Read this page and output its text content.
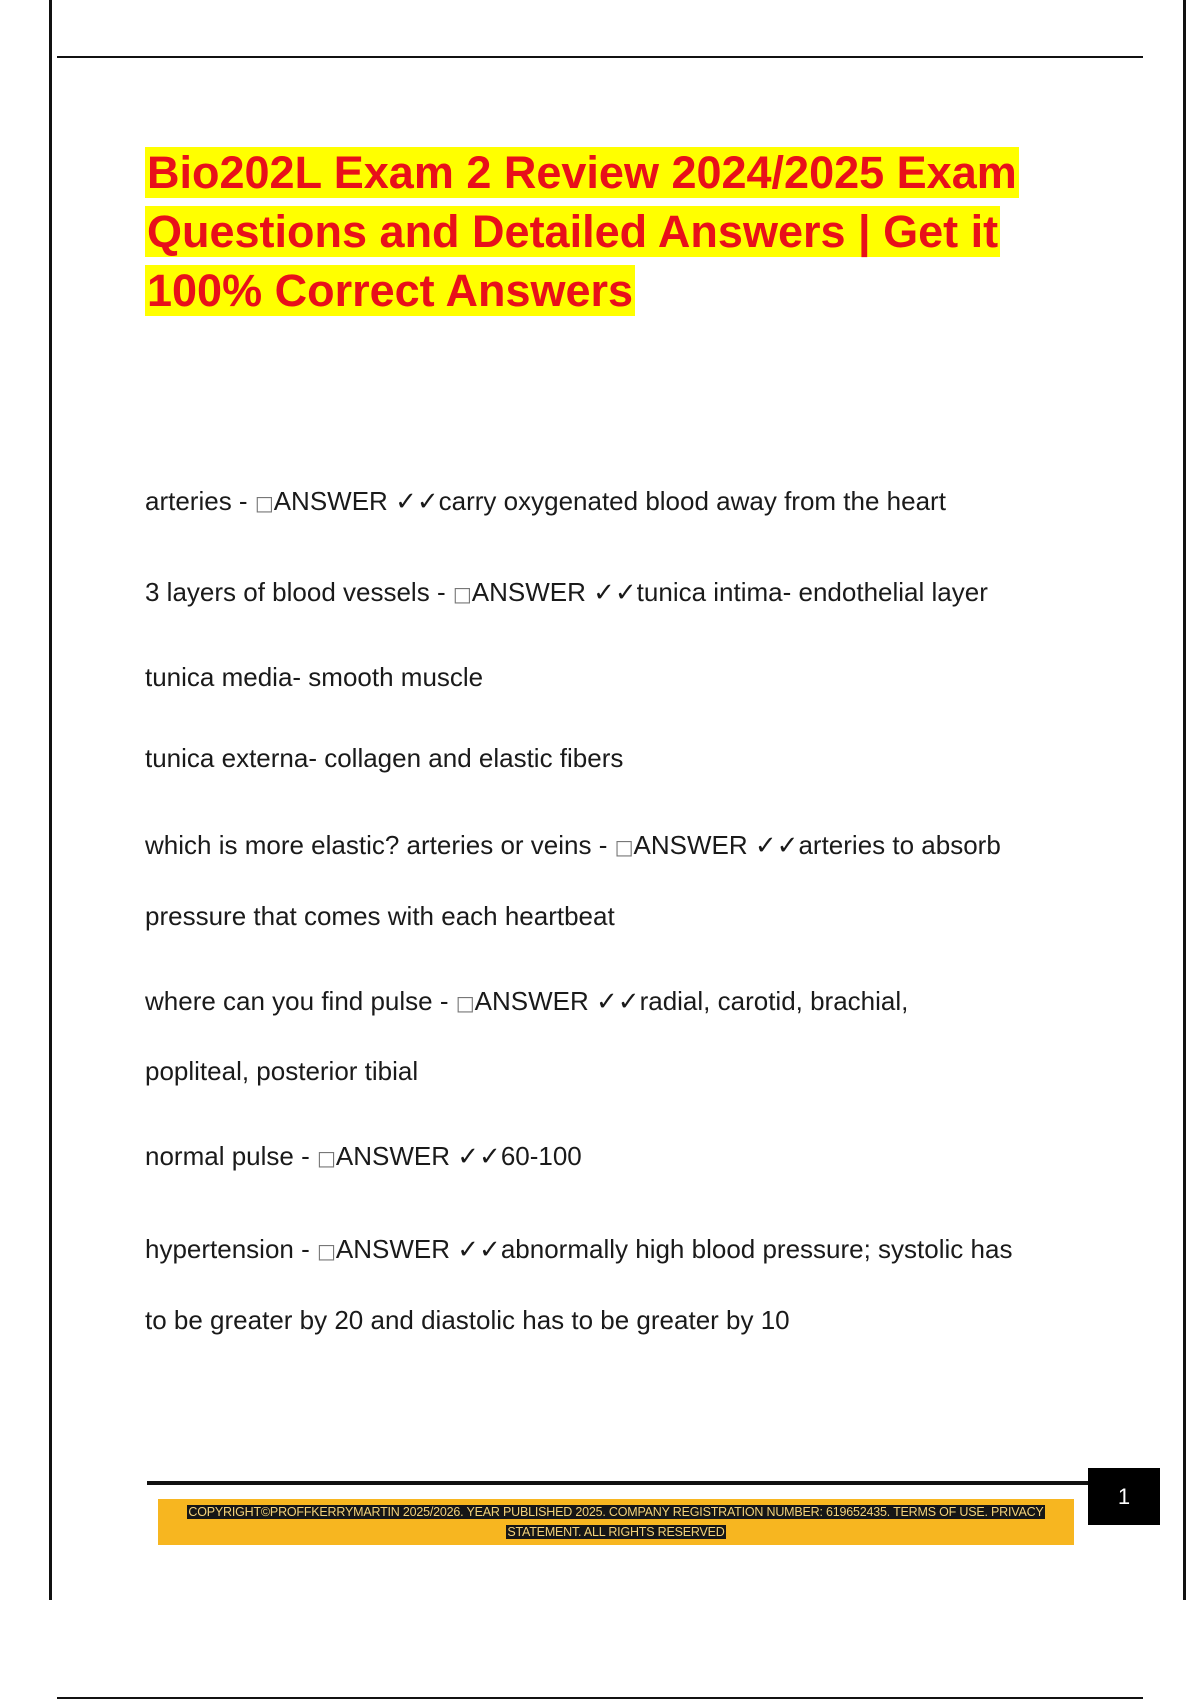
Bio202L Exam 2 Review 2024/2025 Exam Questions and Detailed Answers | Get it 100% Correct Answers

arteries - □ANSWER ✓✓carry oxygenated blood away from the heart

3 layers of blood vessels - □ANSWER ✓✓tunica intima- endothelial layer

tunica media- smooth muscle

tunica externa- collagen and elastic fibers

which is more elastic? arteries or veins - □ANSWER ✓✓arteries to absorb

pressure that comes with each heartbeat

where can you find pulse - □ANSWER ✓✓radial, carotid, brachial,

popliteal, posterior tibial

normal pulse - □ANSWER ✓✓60-100

hypertension - □ANSWER ✓✓abnormally high blood pressure; systolic has

to be greater by 20 and diastolic has to be greater by 10

1

COPYRIGHT©PROFFKERRYMARTIN 2025/2026. YEAR PUBLISHED 2025. COMPANY REGISTRATION NUMBER: 619652435. TERMS OF USE. PRIVACY STATEMENT. ALL RIGHTS RESERVED
